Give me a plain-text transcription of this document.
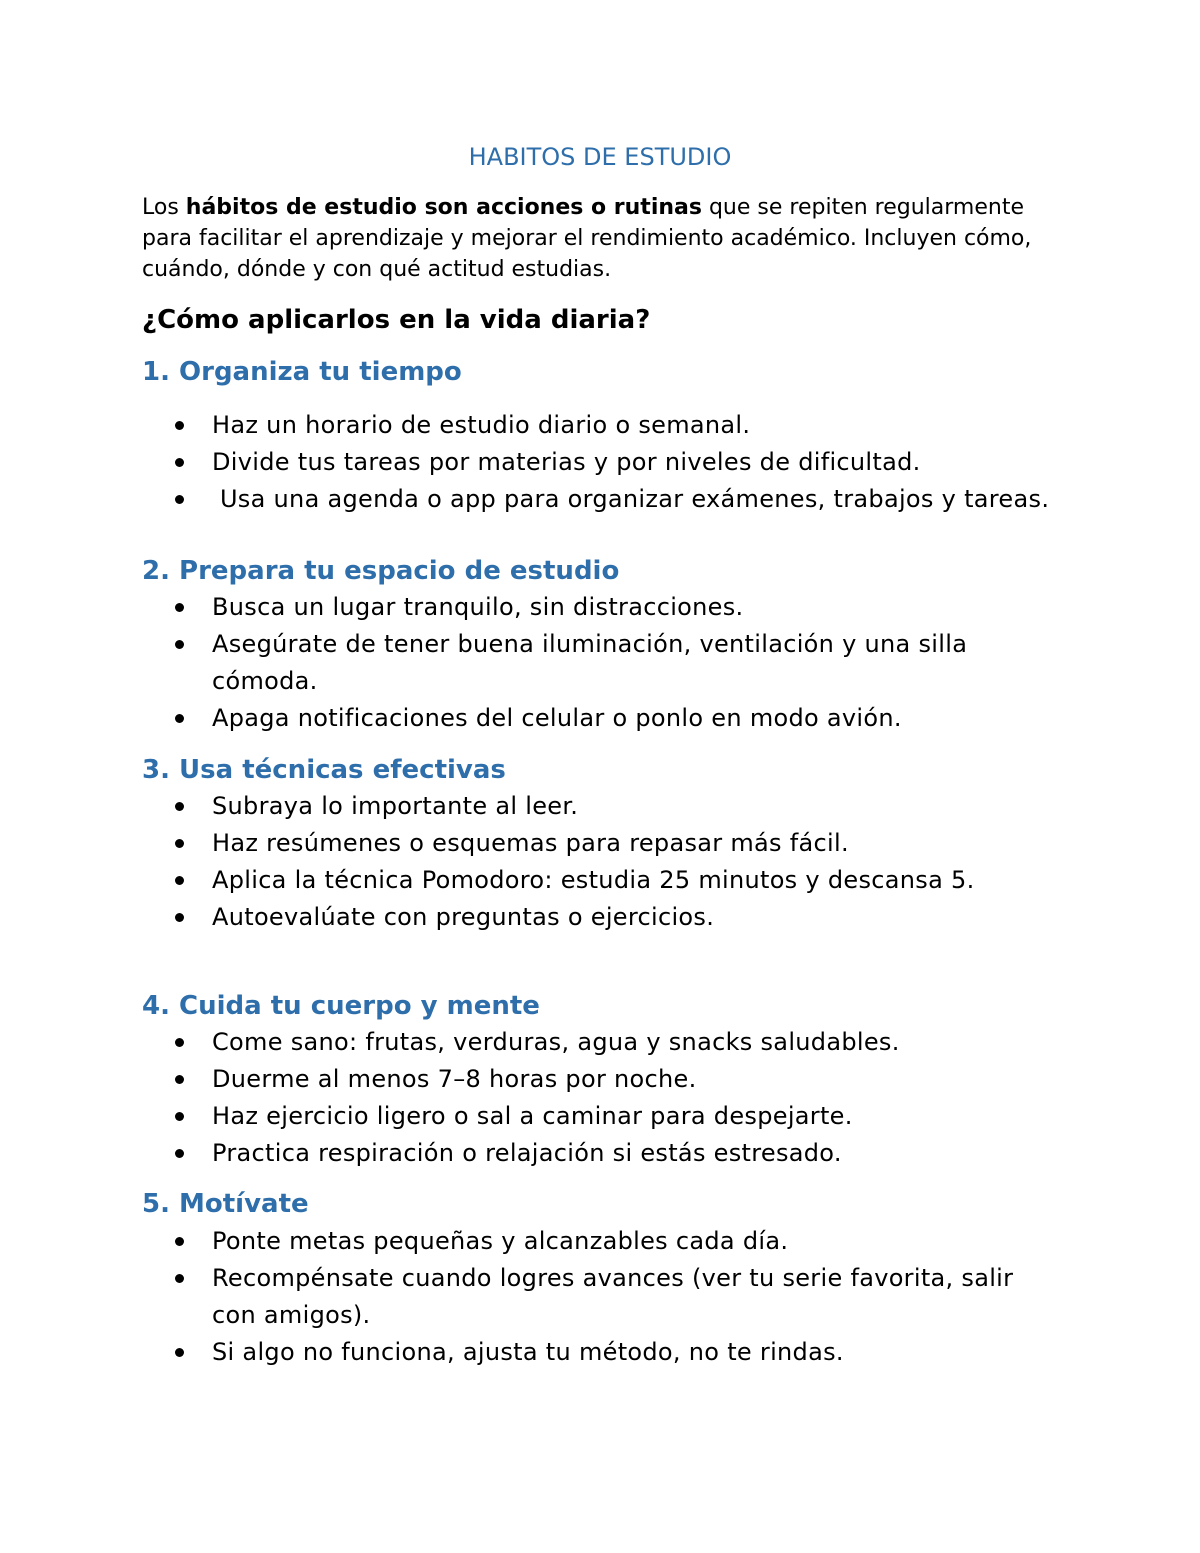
HABITOS DE ESTUDIO

Los hábitos de estudio son acciones o rutinas que se repiten regularmente para facilitar el aprendizaje y mejorar el rendimiento académico. Incluyen cómo, cuándo, dónde y con qué actitud estudias.

¿Cómo aplicarlos en la vida diaria?
1. Organiza tu tiempo
Haz un horario de estudio diario o semanal.
Divide tus tareas por materias y por niveles de dificultad.
Usa una agenda o app para organizar exámenes, trabajos y tareas.
2. Prepara tu espacio de estudio
Busca un lugar tranquilo, sin distracciones.
Asegúrate de tener buena iluminación, ventilación y una silla cómoda.
Apaga notificaciones del celular o ponlo en modo avión.
3. Usa técnicas efectivas
Subraya lo importante al leer.
Haz resúmenes o esquemas para repasar más fácil.
Aplica la técnica Pomodoro: estudia 25 minutos y descansa 5.
Autoevalúate con preguntas o ejercicios.
4. Cuida tu cuerpo y mente
Come sano: frutas, verduras, agua y snacks saludables.
Duerme al menos 7–8 horas por noche.
Haz ejercicio ligero o sal a caminar para despejarte.
Practica respiración o relajación si estás estresado.
5. Motívate
Ponte metas pequeñas y alcanzables cada día.
Recompénsate cuando logres avances (ver tu serie favorita, salir con amigos).
Si algo no funciona, ajusta tu método, no te rindas.
